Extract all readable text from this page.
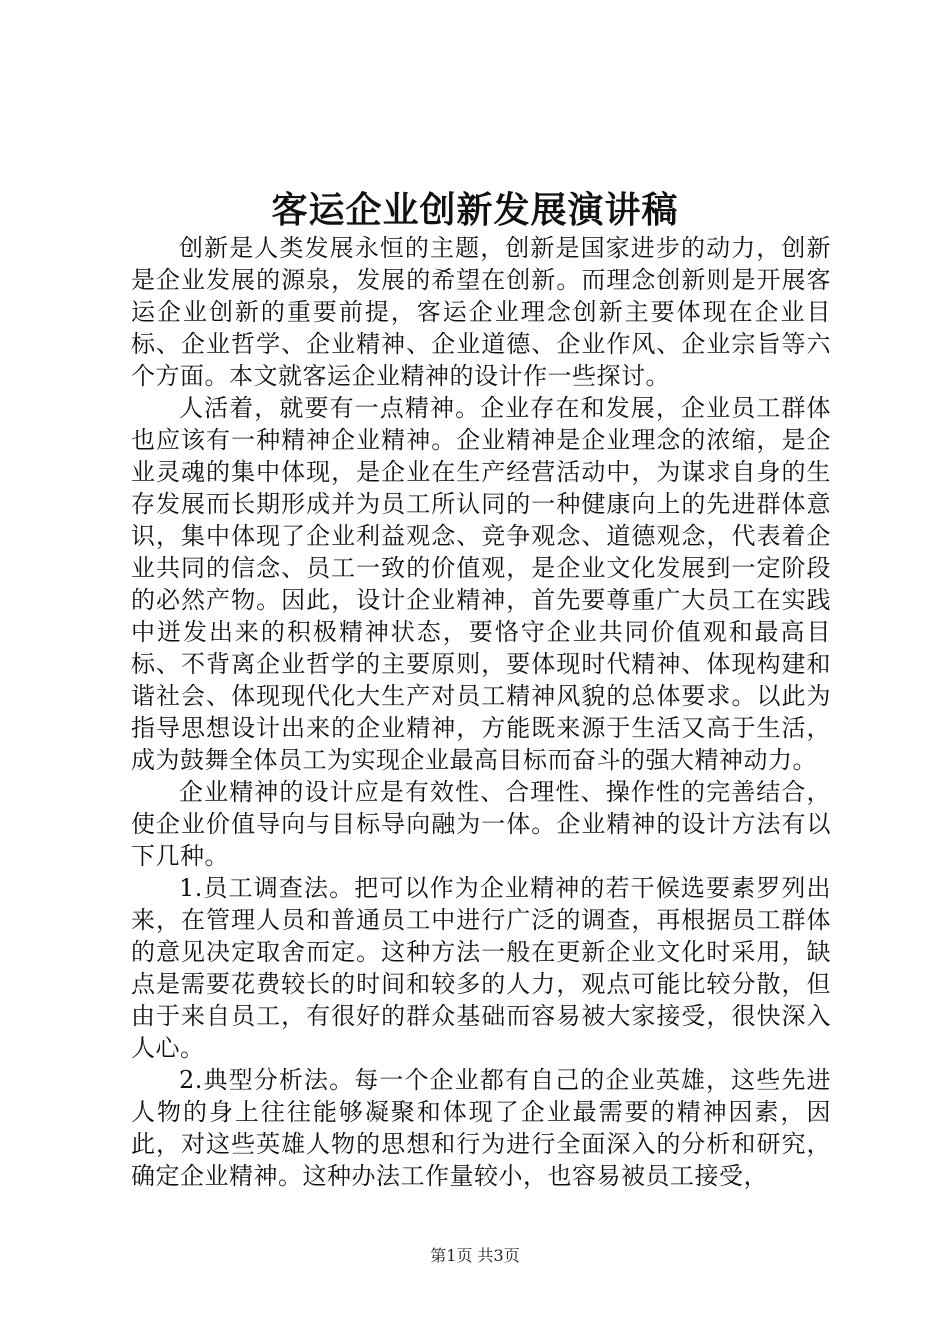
客运企业创新发展演讲稿

创新是人类发展永恒的主题，创新是国家进步的动力，创新是企业发展的源泉，发展的希望在创新。而理念创新则是开展客运企业创新的重要前提，客运企业理念创新主要体现在企业目标、企业哲学、企业精神、企业道德、企业作风、企业宗旨等六个方面。本文就客运企业精神的设计作一些探讨。

人活着，就要有一点精神。企业存在和发展，企业员工群体也应该有一种精神企业精神。企业精神是企业理念的浓缩，是企业灵魂的集中体现，是企业在生产经营活动中，为谋求自身的生存发展而长期形成并为员工所认同的一种健康向上的先进群体意识，集中体现了企业利益观念、竞争观念、道德观念，代表着企业共同的信念、员工一致的价值观，是企业文化发展到一定阶段的必然产物。因此，设计企业精神，首先要尊重广大员工在实践中迸发出来的积极精神状态，要恪守企业共同价值观和最高目标、不背离企业哲学的主要原则，要体现时代精神、体现构建和谐社会、体现现代化大生产对员工精神风貌的总体要求。以此为指导思想设计出来的企业精神，方能既来源于生活又高于生活，成为鼓舞全体员工为实现企业最高目标而奋斗的强大精神动力。

企业精神的设计应是有效性、合理性、操作性的完善结合，使企业价值导向与目标导向融为一体。企业精神的设计方法有以下几种。

1.员工调查法。把可以作为企业精神的若干候选要素罗列出来，在管理人员和普通员工中进行广泛的调查，再根据员工群体的意见决定取舍而定。这种方法一般在更新企业文化时采用，缺点是需要花费较长的时间和较多的人力，观点可能比较分散，但由于来自员工，有很好的群众基础而容易被大家接受，很快深入人心。

2.典型分析法。每一个企业都有自己的企业英雄，这些先进人物的身上往往能够凝聚和体现了企业最需要的精神因素，因此，对这些英雄人物的思想和行为进行全面深入的分析和研究，确定企业精神。这种办法工作量较小，也容易被员工接受，

第1页 共3页
